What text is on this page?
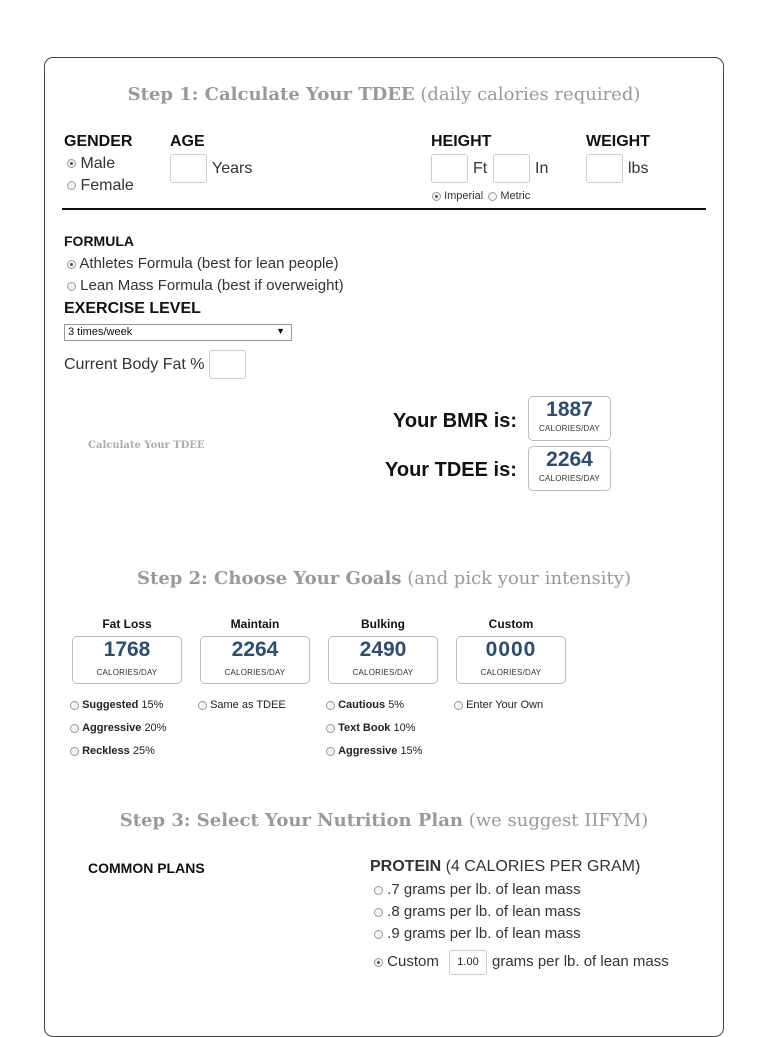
Step 1: Calculate Your TDEE (daily calories required)
GENDER
Male
Female
AGE
Years
HEIGHT
Ft	In
Imperial Metric
WEIGHT
lbs
FORMULA
Athletes Formula (best for lean people)
Lean Mass Formula (best if overweight)
EXERCISE LEVEL
3 times/week	▼
Current Body Fat %
Calculate Your TDEE
Your BMR is:	1887
CALORIES/DAY
Your TDEE is:	2264
CALORIES/DAY
Step 2: Choose Your Goals (and pick your intensity)
Fat Loss
1768
CALORIES/DAY
Maintain
2264
CALORIES/DAY
Bulking
2490
CALORIES/DAY
Custom
0000
CALORIES/DAY
Suggested 15%
Aggressive 20%
Reckless 25%
Same as TDEE	Cautious 5%
Text Book 10%
Aggressive 15%
Enter Your Own
Step 3: Select Your Nutrition Plan (we suggest IIFYM)
COMMON PLANS	PROTEIN (4 CALORIES PER GRAM)
.7 grams per lb. of lean mass
.8 grams per lb. of lean mass
.9 grams per lb. of lean mass
Custom	1.00 grams per lb. of lean mass
